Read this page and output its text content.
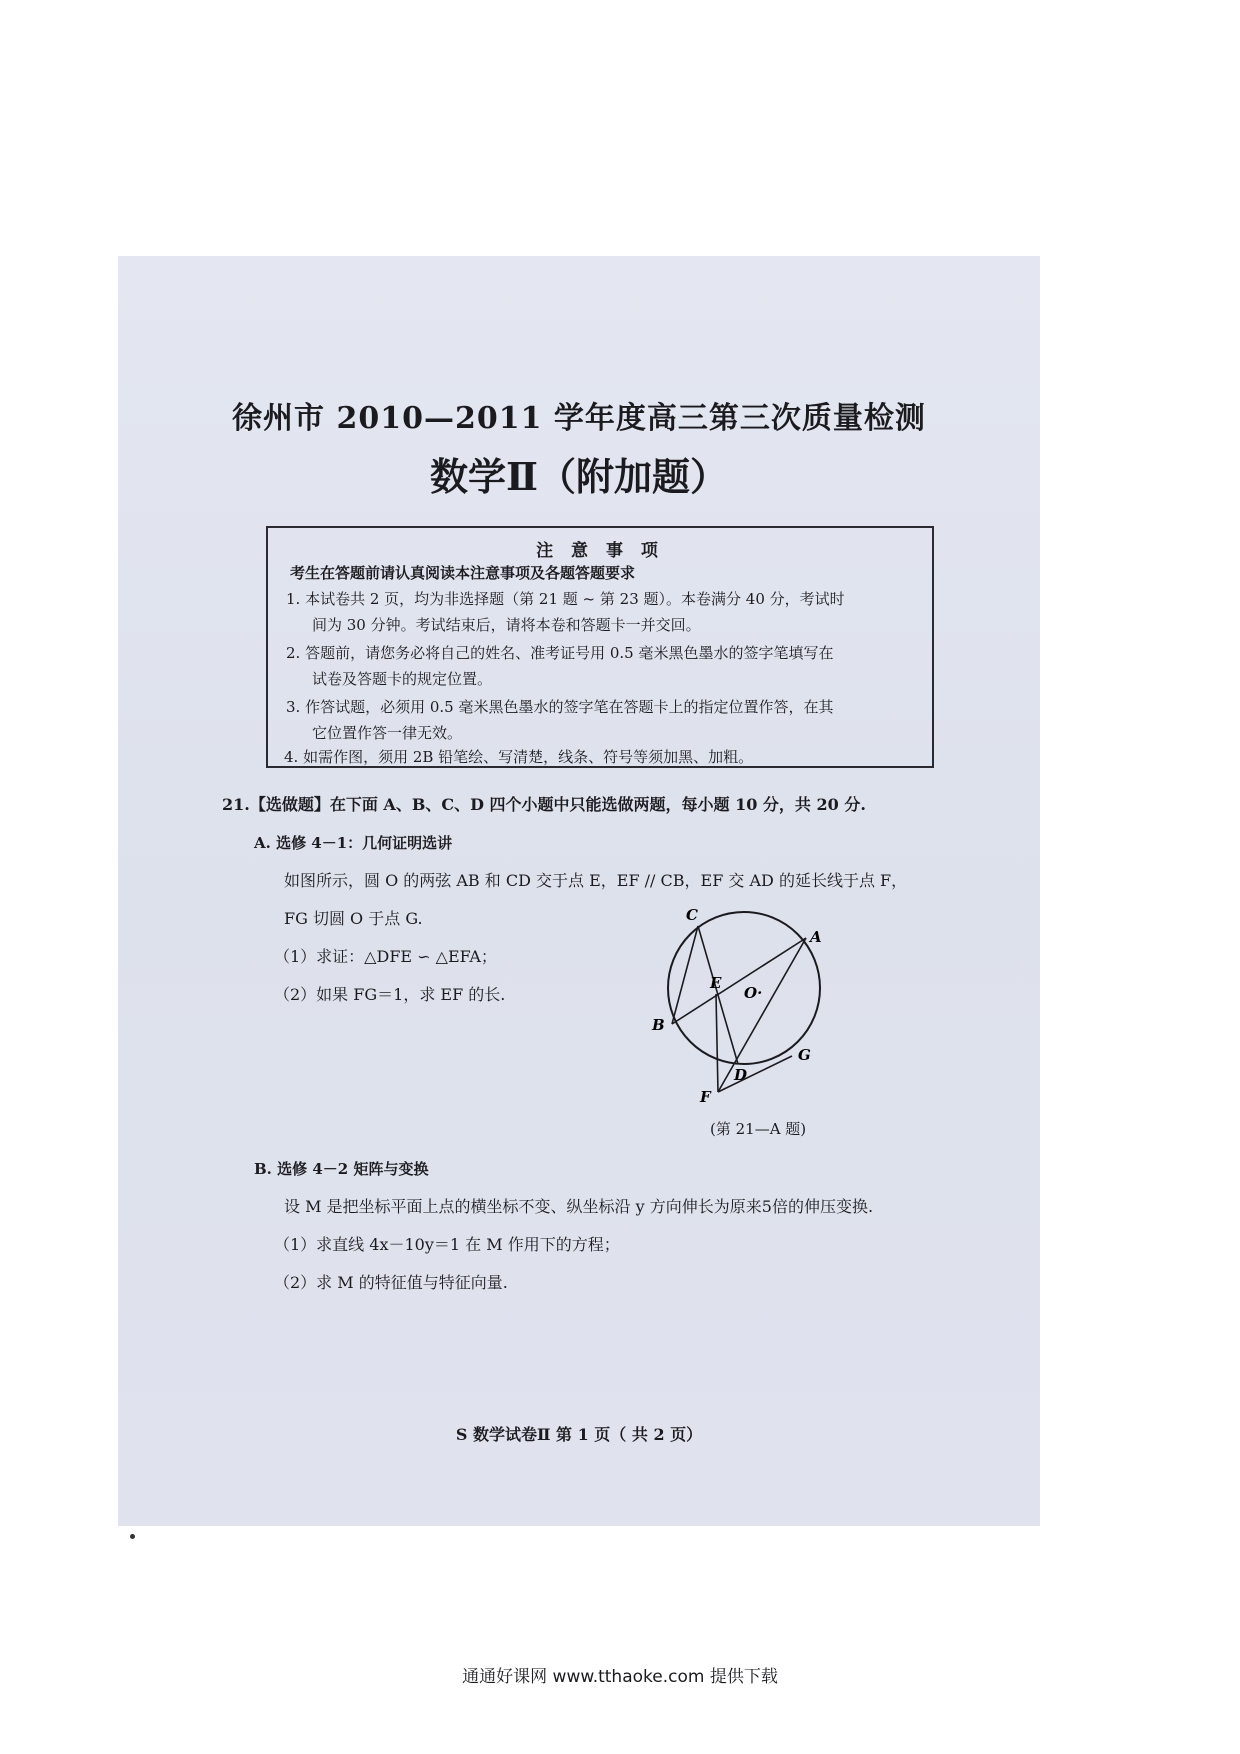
徐州市 2010—2011 学年度高三第三次质量检测
数学Ⅱ（附加题）
注 意 事 项
考生在答题前请认真阅读本注意事项及各题答题要求
1. 本试卷共 2 页，均为非选择题（第 21 题 ~ 第 23 题）。本卷满分 40 分，考试时
间为 30 分钟。考试结束后，请将本卷和答题卡一并交回。
2. 答题前，请您务必将自己的姓名、准考证号用 0.5 毫米黑色墨水的签字笔填写在
试卷及答题卡的规定位置。
3. 作答试题，必须用 0.5 毫米黑色墨水的签字笔在答题卡上的指定位置作答，在其
它位置作答一律无效。
4. 如需作图，须用 2B 铅笔绘、写清楚，线条、符号等须加黑、加粗。
21.【选做题】在下面 A、B、C、D 四个小题中只能选做两题，每小题 10 分，共 20 分.
A. 选修 4－1：几何证明选讲
如图所示，圆 O 的两弦 AB 和 CD 交于点 E，EF // CB，EF 交 AD 的延长线于点 F，
FG 切圆 O 于点 G.
（1）求证：△DFE ∽ △EFA；
（2）如果 FG＝1，求 EF 的长.
C
A
E
O·
B
D
G
F
(第 21—A 题)
B. 选修 4－2 矩阵与变换
设 M 是把坐标平面上点的横坐标不变、纵坐标沿 y 方向伸长为原来5倍的伸压变换.
（1）求直线 4x－10y＝1 在 M 作用下的方程；
（2）求 M 的特征值与特征向量.
S 数学试卷Ⅱ 第 1 页（ 共 2 页）
通通好课网 www.tthaoke.com 提供下载
